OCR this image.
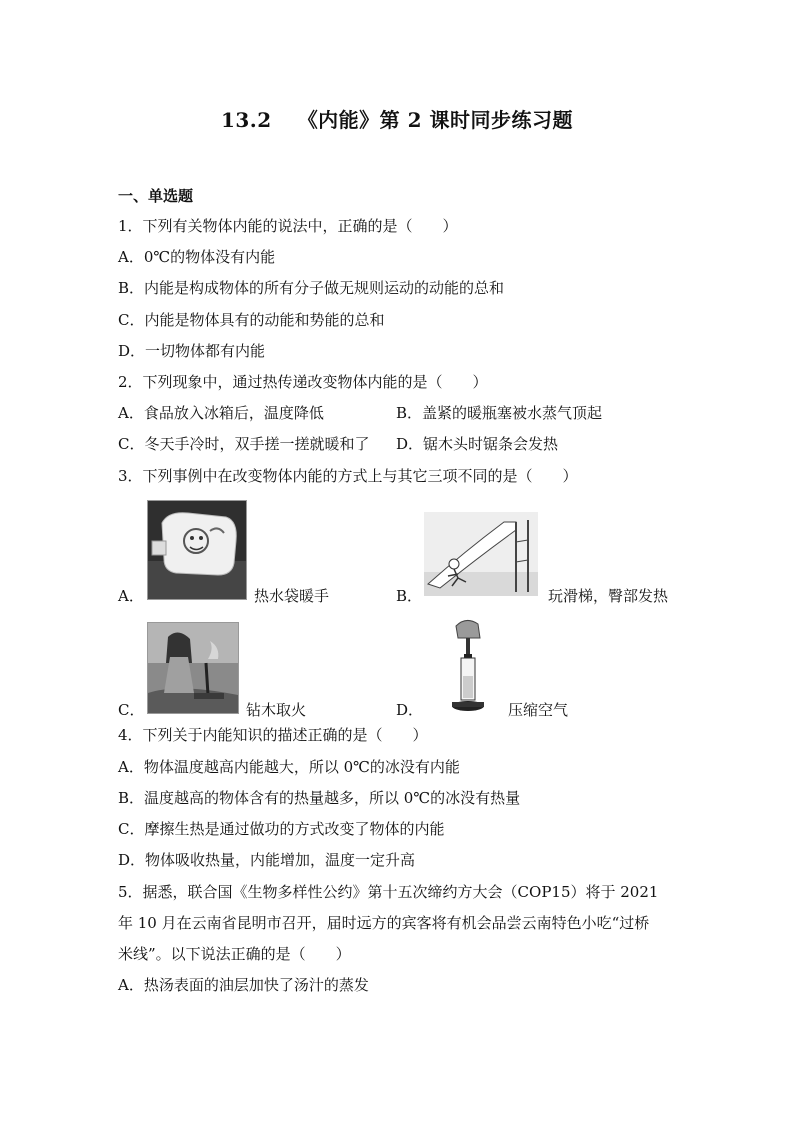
13.2 《内能》第 2 课时同步练习题
一、单选题
1．下列有关物体内能的说法中，正确的是（　　）
A．0℃的物体没有内能
B．内能是构成物体的所有分子做无规则运动的动能的总和
C．内能是物体具有的动能和势能的总和
D．一切物体都有内能
2．下列现象中，通过热传递改变物体内能的是（　　）
A．食品放入冰箱后，温度降低	B．盖紧的暖瓶塞被水蒸气顶起
C．冬天手冷时，双手搓一搓就暖和了 D．锯木头时锯条会发热
3．下列事例中在改变物体内能的方式上与其它三项不同的是（　　）
A．	热水袋暖手	B．	玩滑梯，臀部发热
C．	钻木取火	D．	压缩空气
4．下列关于内能知识的描述正确的是（　　）
A．物体温度越高内能越大，所以 0℃的冰没有内能
B．温度越高的物体含有的热量越多，所以 0℃的冰没有热量
C．摩擦生热是通过做功的方式改变了物体的内能
D．物体吸收热量，内能增加，温度一定升高
5．据悉，联合国《生物多样性公约》第十五次缔约方大会（COP15）将于 2021
年 10 月在云南省昆明市召开，届时远方的宾客将有机会品尝云南特色小吃“过桥
米线”。以下说法正确的是（　　）
A．热汤表面的油层加快了汤汁的蒸发
